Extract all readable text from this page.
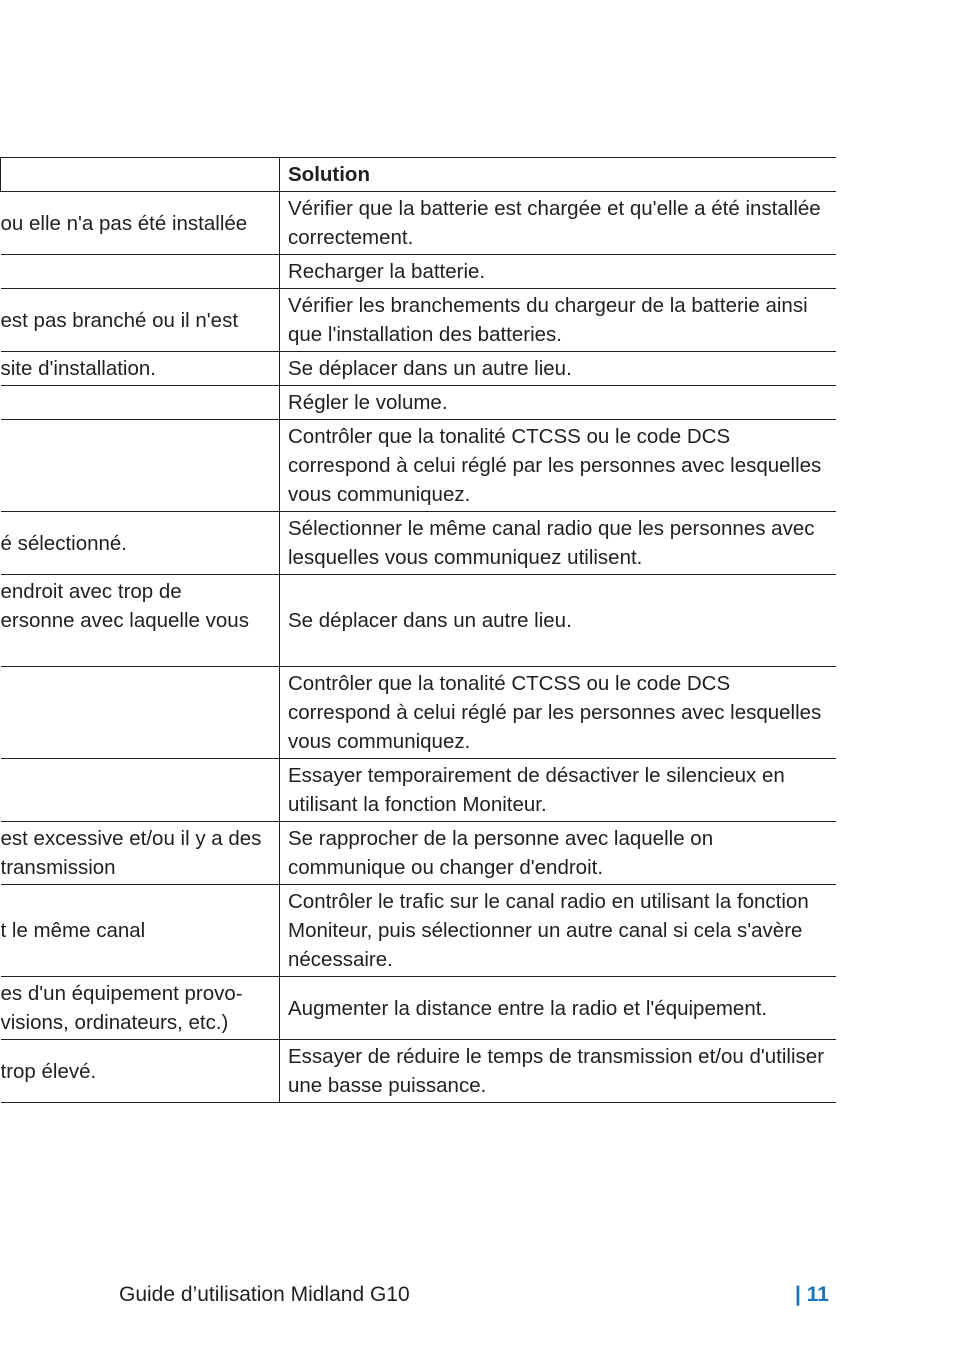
	Solution

ou elle n'a pas été installée	Vérifier que la batterie est chargée et qu'elle a été installée correctement.

	Recharger la batterie.

est pas branché ou il n'est	Vérifier les branchements du chargeur de la batterie ainsi que l'installation des batteries.

site d'installation.	Se déplacer dans un autre lieu.

	Régler le volume.

	Contrôler que la tonalité CTCSS ou le code DCS correspond à celui réglé par les personnes avec lesquelles vous communiquez.

é sélectionné.	Sélectionner le même canal radio que les personnes avec lesquelles vous communiquez utilisent.

endroit avec trop de
ersonne avec laquelle vous	Se déplacer dans un autre lieu.

	Contrôler que la tonalité CTCSS ou le code DCS correspond à celui réglé par les personnes avec lesquelles vous communiquez.

	Essayer temporairement de désactiver le silencieux en utilisant la fonction Moniteur.

est excessive et/ou il y a des
transmission	Se rapprocher de la personne avec laquelle on communique ou changer d'endroit.

t le même canal	Contrôler le trafic sur le canal radio en utilisant la fonction Moniteur, puis sélectionner un autre canal si cela s'avère nécessaire.

es d'un équipement provo-
visions, ordinateurs, etc.)	Augmenter la distance entre la radio et l'équipement.

trop élevé.	Essayer de réduire le temps de transmission et/ou d'utiliser une basse puissance.
Guide d’utilisation Midland G10	| 11
